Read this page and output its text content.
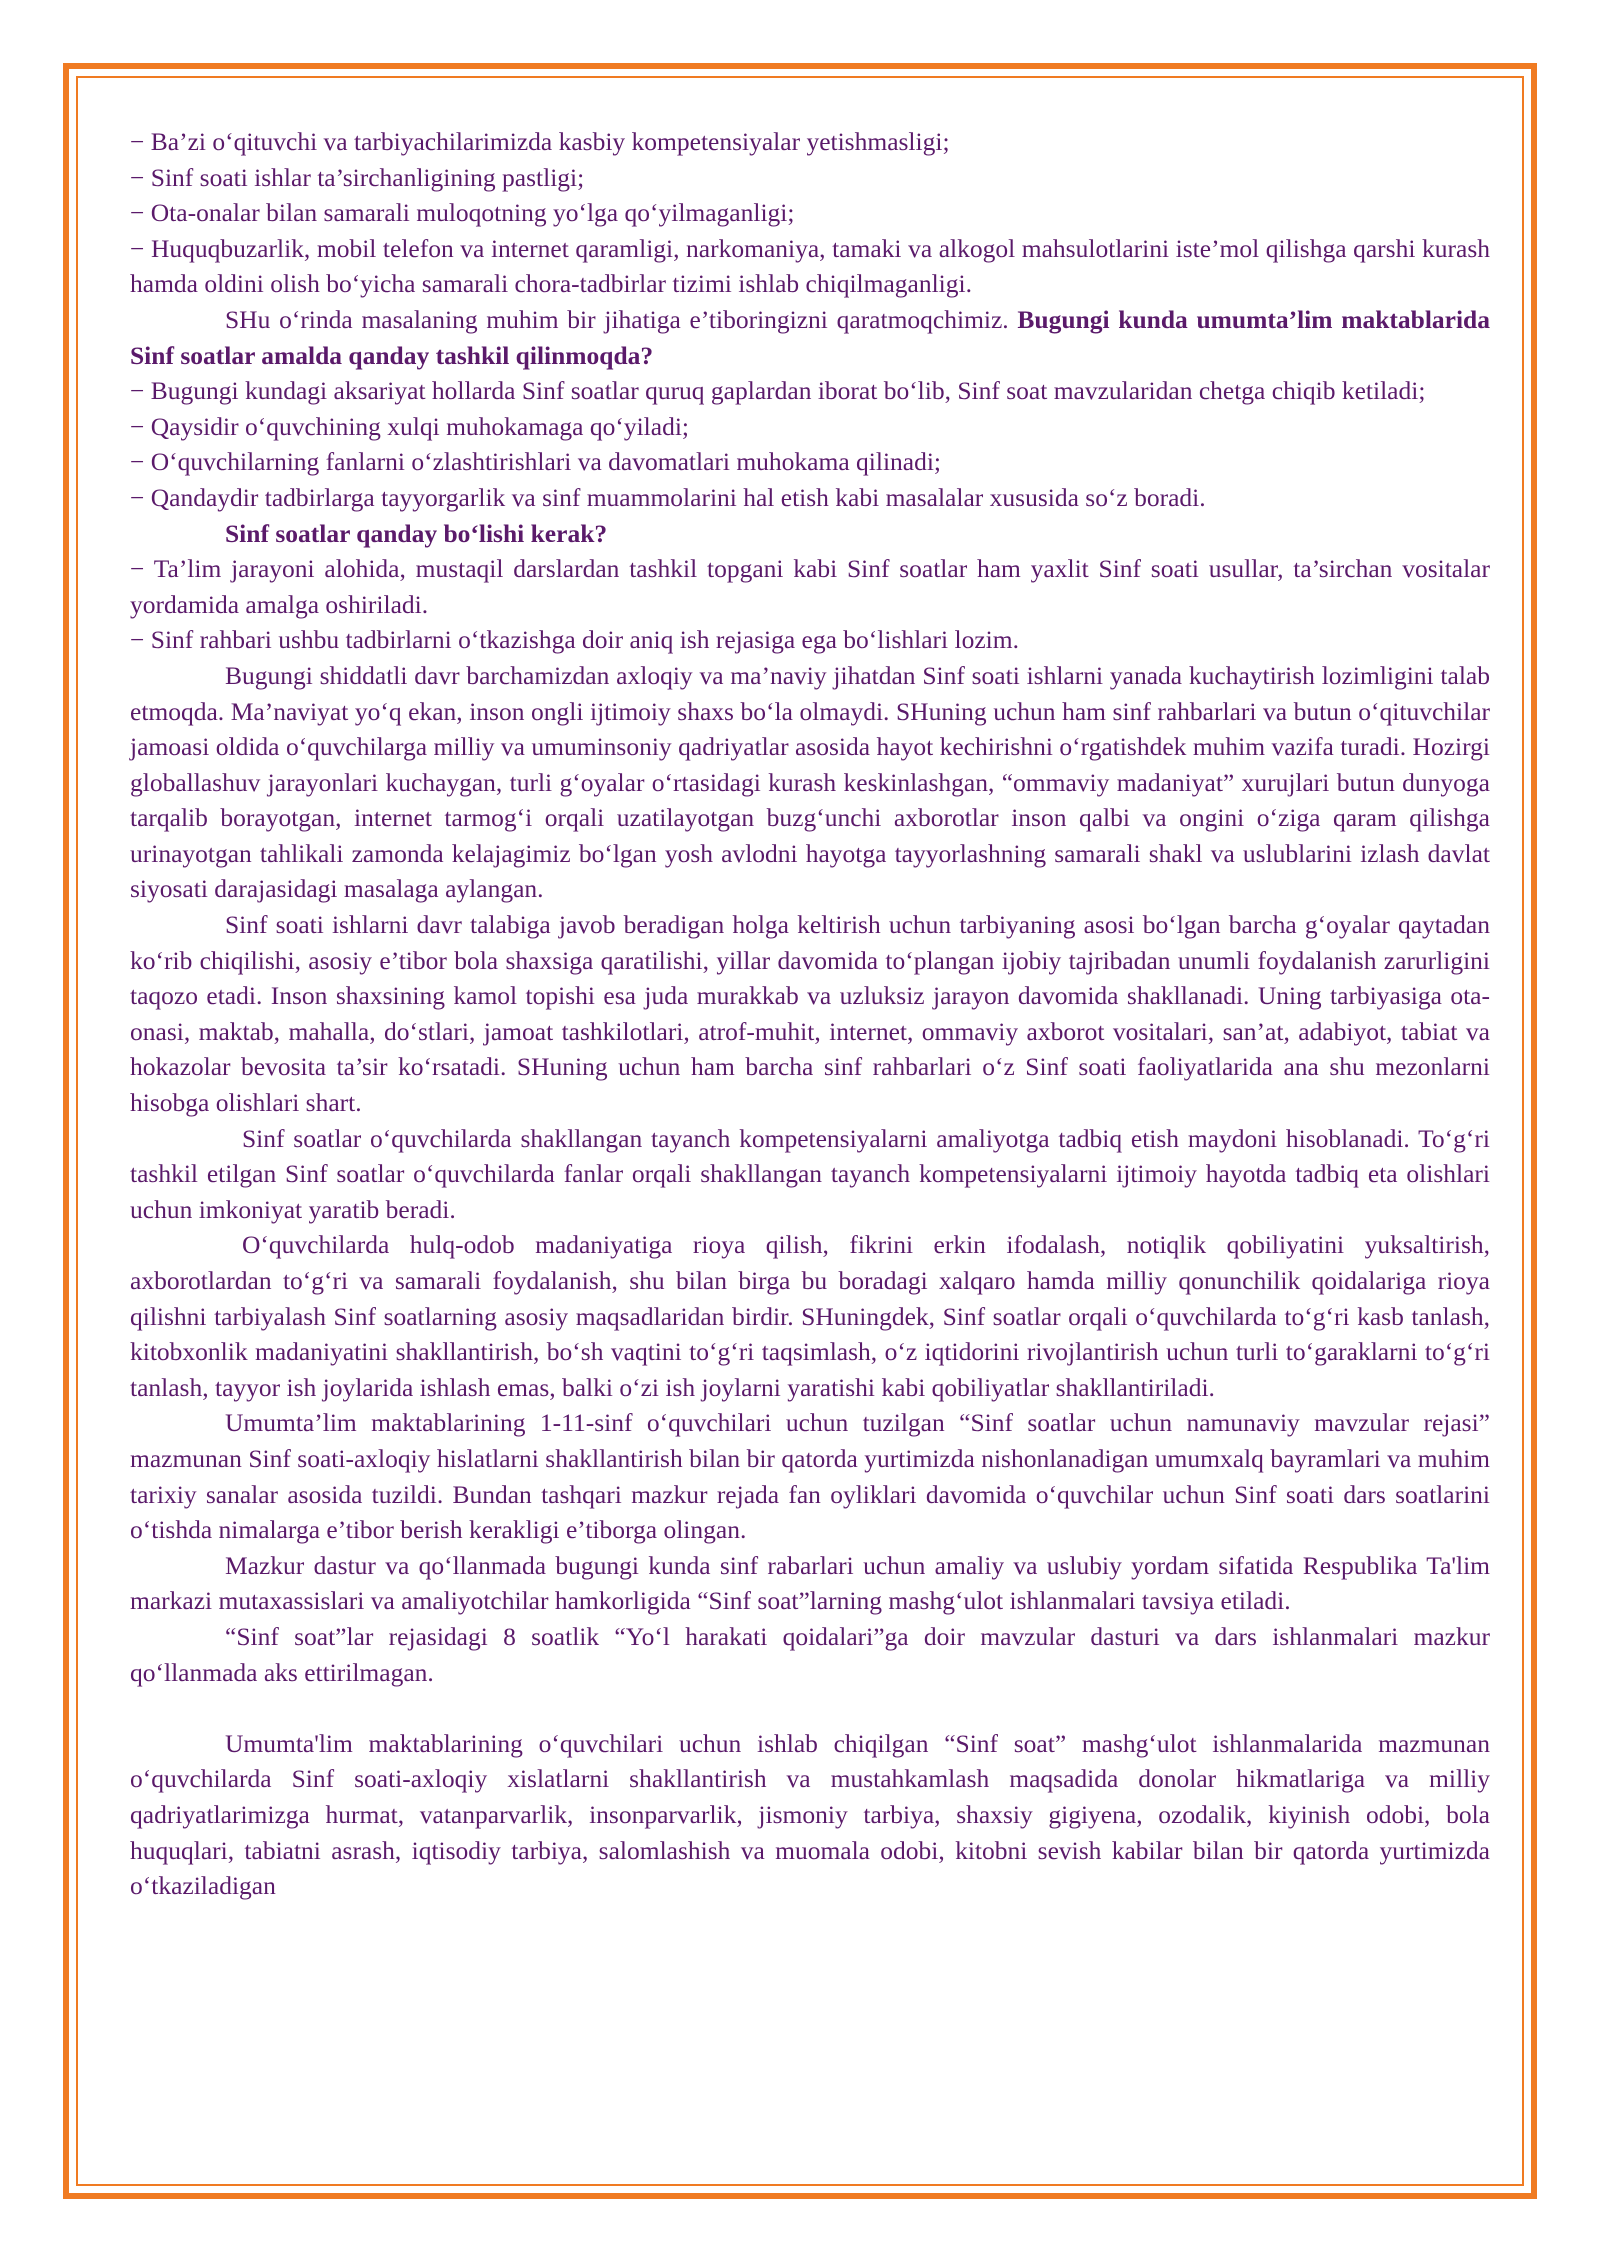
− Ba’zi o‘qituvchi va tarbiyachilarimizda kasbiy kompetensiyalar yetishmasligi;

− Sinf soati ishlar ta’sirchanligining pastligi;

− Ota-onalar bilan samarali muloqotning yo‘lga qo‘yilmaganligi;

− Huquqbuzarlik, mobil telefon va internet qaramligi, narkomaniya, tamaki va alkogol mahsulotlarini iste’mol qilishga qarshi kurash hamda oldini olish bo‘yicha samarali chora-tadbirlar tizimi ishlab chiqilmaganligi.

SHu o‘rinda masalaning muhim bir jihatiga e’tiboringizni qaratmoqchimiz. Bugungi kunda umumta’lim maktablarida Sinf soatlar amalda qanday tashkil qilinmoqda?

− Bugungi kundagi aksariyat hollarda Sinf soatlar quruq gaplardan iborat bo‘lib, Sinf soat mavzularidan chetga chiqib ketiladi;

− Qaysidir o‘quvchining xulqi muhokamaga qo‘yiladi;

− O‘quvchilarning fanlarni o‘zlashtirishlari va davomatlari muhokama qilinadi;

− Qandaydir tadbirlarga tayyorgarlik va sinf muammolarini hal etish kabi masalalar xususida so‘z boradi.

Sinf soatlar qanday bo‘lishi kerak?

− Ta’lim jarayoni alohida, mustaqil darslardan tashkil topgani kabi Sinf soatlar ham yaxlit Sinf soati usullar, ta’sirchan vositalar yordamida amalga oshiriladi.

− Sinf rahbari ushbu tadbirlarni o‘tkazishga doir aniq ish rejasiga ega bo‘lishlari lozim.

Bugungi shiddatli davr barchamizdan axloqiy va ma’naviy jihatdan Sinf soati ishlarni yanada kuchaytirish lozimligini talab etmoqda. Ma’naviyat yo‘q ekan, inson ongli ijtimoiy shaxs bo‘la olmaydi. SHuning uchun ham sinf rahbarlari va butun o‘qituvchilar jamoasi oldida o‘quvchilarga milliy va umuminsoniy qadriyatlar asosida hayot kechirishni o‘rgatishdek muhim vazifa turadi. Hozirgi globallashuv jarayonlari kuchaygan, turli g‘oyalar o‘rtasidagi kurash keskinlashgan, “ommaviy madaniyat” xurujlari butun dunyoga tarqalib borayotgan, internet tarmog‘i orqali uzatilayotgan buzg‘unchi axborotlar inson qalbi va ongini o‘ziga qaram qilishga urinayotgan tahlikali zamonda kelajagimiz bo‘lgan yosh avlodni hayotga tayyorlashning samarali shakl va uslublarini izlash davlat siyosati darajasidagi masalaga aylangan.

Sinf soati ishlarni davr talabiga javob beradigan holga keltirish uchun tarbiyaning asosi bo‘lgan barcha g‘oyalar qaytadan ko‘rib chiqilishi, asosiy e’tibor bola shaxsiga qaratilishi, yillar davomida to‘plangan ijobiy tajribadan unumli foydalanish zarurligini taqozo etadi. Inson shaxsining kamol topishi esa juda murakkab va uzluksiz jarayon davomida shakllanadi. Uning tarbiyasiga ota-onasi, maktab, mahalla, do‘stlari, jamoat tashkilotlari, atrof-muhit, internet, ommaviy axborot vositalari, san’at, adabiyot, tabiat va hokazolar bevosita ta’sir ko‘rsatadi. SHuning uchun ham barcha sinf rahbarlari o‘z Sinf soati faoliyatlarida ana shu mezonlarni hisobga olishlari shart.

Sinf soatlar o‘quvchilarda shakllangan tayanch kompetensiyalarni amaliyotga tadbiq etish maydoni hisoblanadi. To‘g‘ri tashkil etilgan Sinf soatlar o‘quvchilarda fanlar orqali shakllangan tayanch kompetensiyalarni ijtimoiy hayotda tadbiq eta olishlari uchun imkoniyat yaratib beradi.

O‘quvchilarda hulq-odob madaniyatiga rioya qilish, fikrini erkin ifodalash, notiqlik qobiliyatini yuksaltirish, axborotlardan to‘g‘ri va samarali foydalanish, shu bilan birga bu boradagi xalqaro hamda milliy qonunchilik qoidalariga rioya qilishni tarbiyalash Sinf soatlarning asosiy maqsadlaridan birdir. SHuningdek, Sinf soatlar orqali o‘quvchilarda to‘g‘ri kasb tanlash, kitobxonlik madaniyatini shakllantirish, bo‘sh vaqtini to‘g‘ri taqsimlash, o‘z iqtidorini rivojlantirish uchun turli to‘garaklarni to‘g‘ri tanlash, tayyor ish joylarida ishlash emas, balki o‘zi ish joylarni yaratishi kabi qobiliyatlar shakllantiriladi.

Umumta’lim maktablarining 1-11-sinf o‘quvchilari uchun tuzilgan “Sinf soatlar uchun namunaviy mavzular rejasi” mazmunan Sinf soati-axloqiy hislatlarni shakllantirish bilan bir qatorda yurtimizda nishonlanadigan umumxalq bayramlari va muhim tarixiy sanalar asosida tuzildi. Bundan tashqari mazkur rejada fan oyliklari davomida o‘quvchilar uchun Sinf soati dars soatlarini o‘tishda nimalarga e’tibor berish kerakligi e’tiborga olingan.

Mazkur dastur va qo‘llanmada bugungi kunda sinf rabarlari uchun amaliy va uslubiy yordam sifatida Respublika Ta'lim markazi mutaxassislari va amaliyotchilar hamkorligida “Sinf soat”larning mashg‘ulot ishlanmalari tavsiya etiladi.

“Sinf soat”lar rejasidagi 8 soatlik “Yo‘l harakati qoidalari”ga doir mavzular dasturi va dars ishlanmalari mazkur qo‘llanmada aks ettirilmagan.

Umumta'lim maktablarining o‘quvchilari uchun ishlab chiqilgan “Sinf soat” mashg‘ulot ishlanmalarida mazmunan o‘quvchilarda Sinf soati-axloqiy xislatlarni shakllantirish va mustahkamlash maqsadida donolar hikmatlariga va milliy qadriyatlarimizga hurmat, vatanparvarlik, insonparvarlik, jismoniy tarbiya, shaxsiy gigiyena, ozodalik, kiyinish odobi, bola huquqlari, tabiatni asrash, iqtisodiy tarbiya, salomlashish va muomala odobi, kitobni sevish kabilar bilan bir qatorda yurtimizda o‘tkaziladigan
